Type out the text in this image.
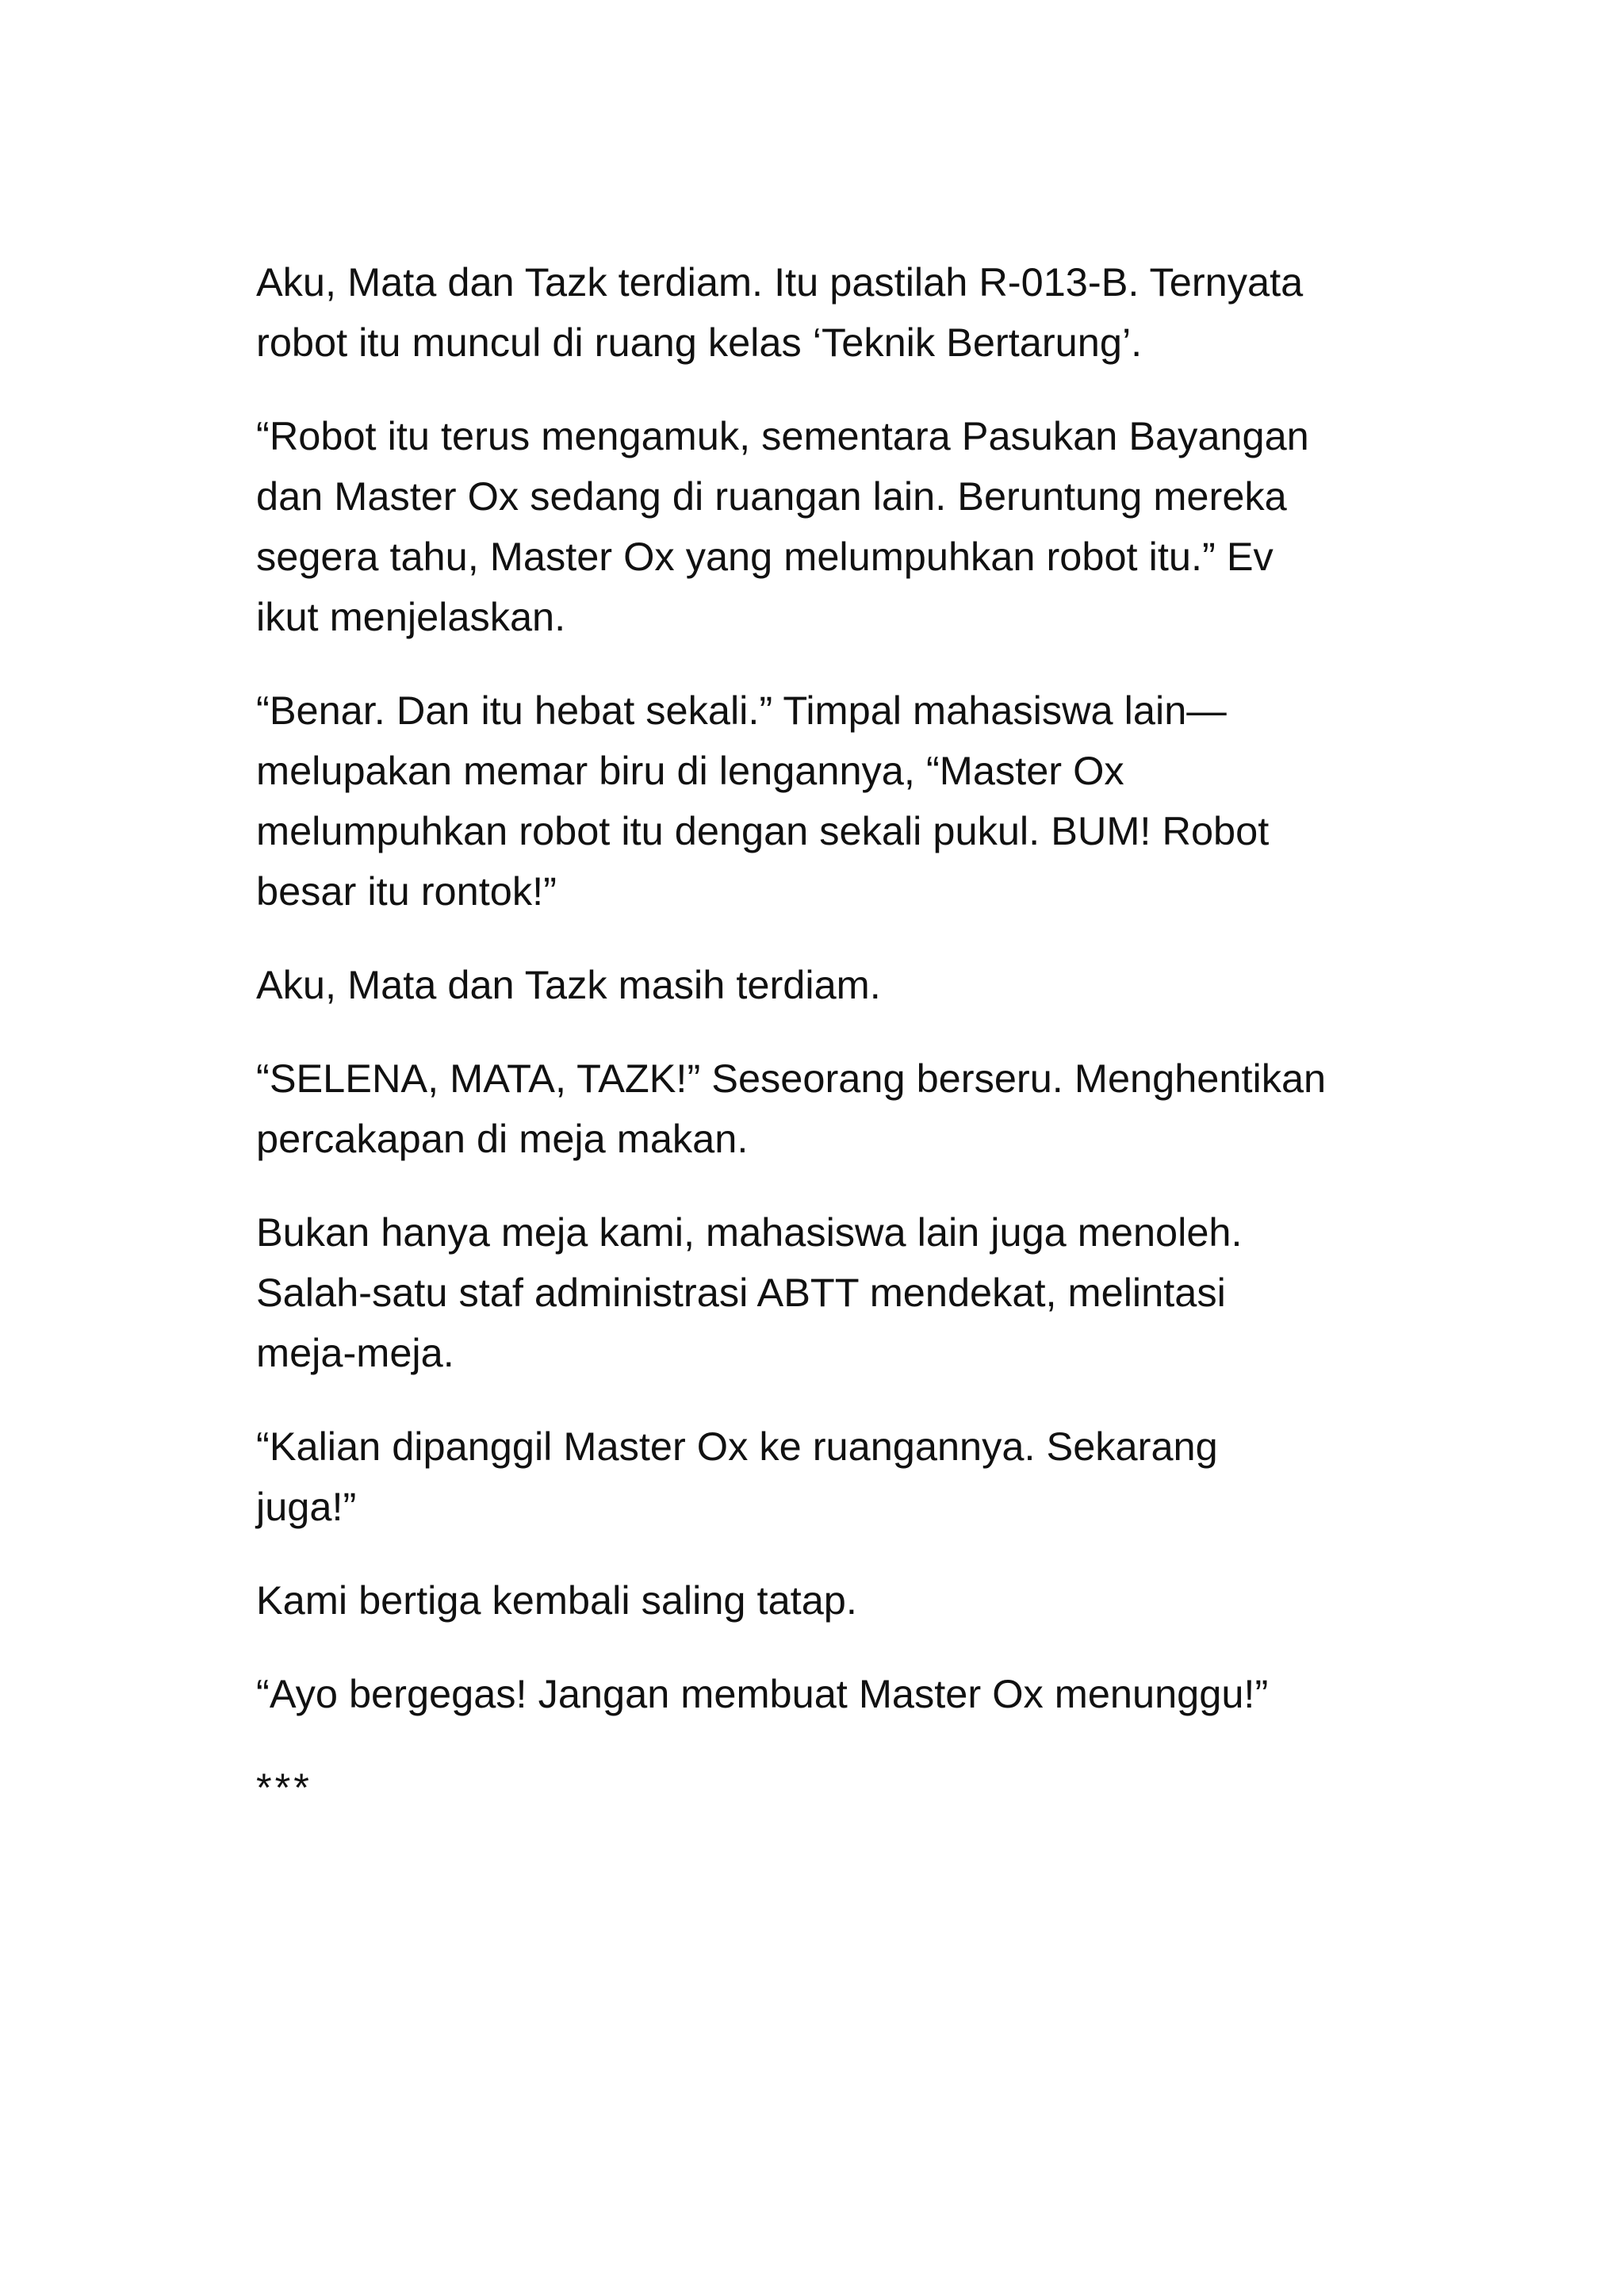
Aku, Mata dan Tazk terdiam. Itu pastilah R-013-B. Ternyata
robot itu muncul di ruang kelas ‘Teknik Bertarung’.

“Robot itu terus mengamuk, sementara Pasukan Bayangan
dan Master Ox sedang di ruangan lain. Beruntung mereka
segera tahu, Master Ox yang melumpuhkan robot itu.” Ev
ikut menjelaskan.

“Benar. Dan itu hebat sekali.” Timpal mahasiswa lain—
melupakan memar biru di lengannya, “Master Ox
melumpuhkan robot itu dengan sekali pukul. BUM! Robot
besar itu rontok!”

Aku, Mata dan Tazk masih terdiam.

“SELENA, MATA, TAZK!” Seseorang berseru. Menghentikan
percakapan di meja makan.

Bukan hanya meja kami, mahasiswa lain juga menoleh.
Salah-satu staf administrasi ABTT mendekat, melintasi
meja-meja.

“Kalian dipanggil Master Ox ke ruangannya. Sekarang
juga!”

Kami bertiga kembali saling tatap.

“Ayo bergegas! Jangan membuat Master Ox menunggu!”

***
